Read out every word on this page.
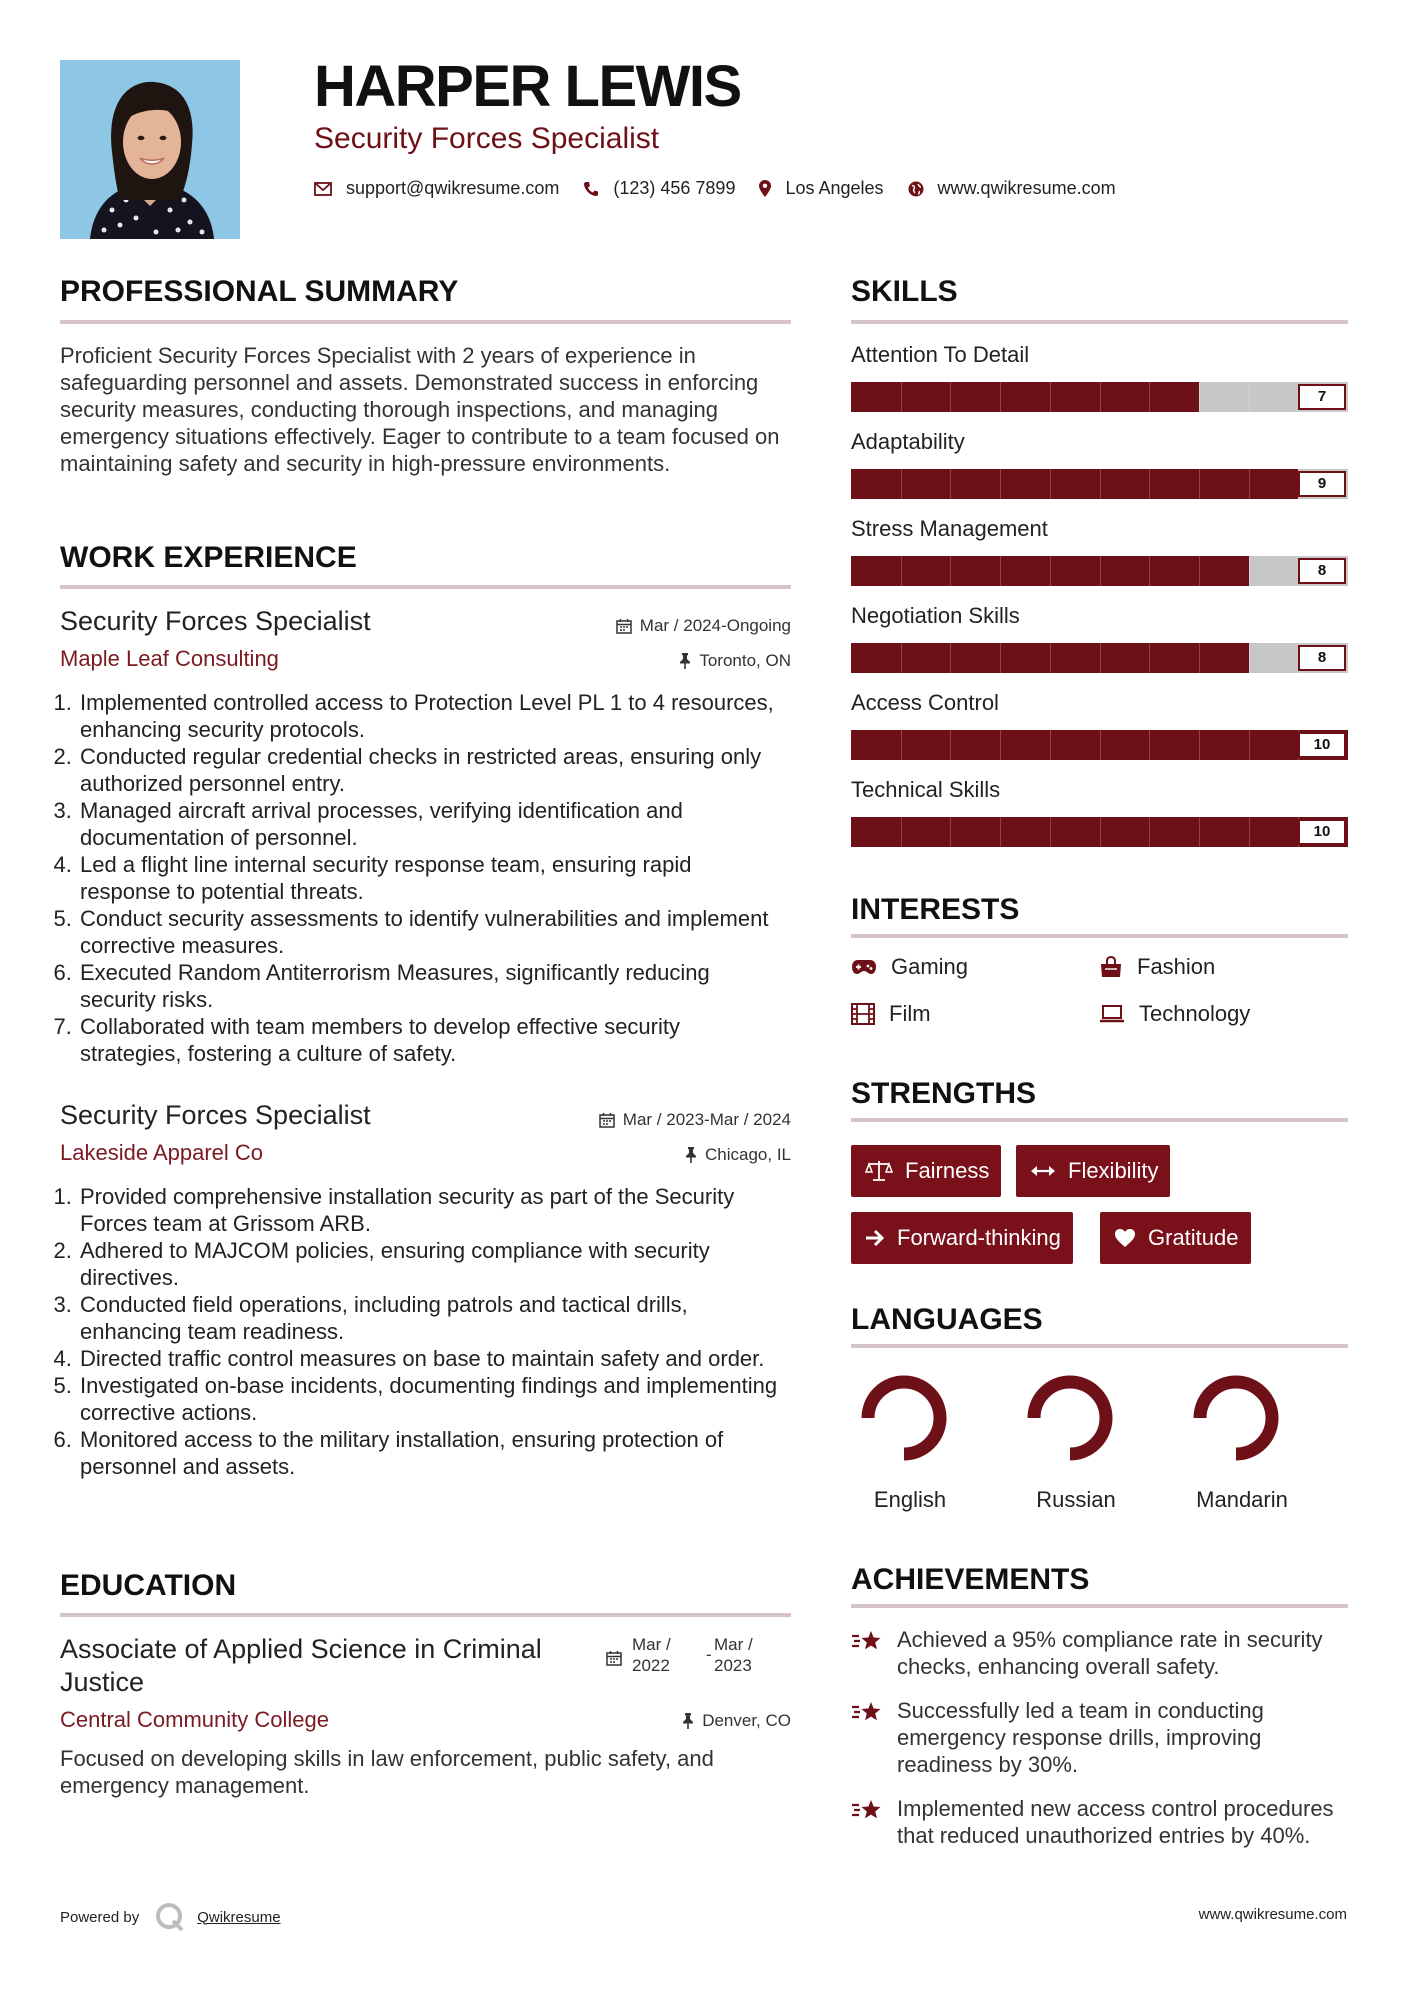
HARPER LEWIS
Security Forces Specialist
support@qwikresume.com	(123) 456 7899	Los Angeles	www.qwikresume.com
PROFESSIONAL SUMMARY
Proficient Security Forces Specialist with 2 years of experience in safeguarding personnel and assets. Demonstrated success in enforcing security measures, conducting thorough inspections, and managing emergency situations effectively. Eager to contribute to a team focused on maintaining safety and security in high-pressure environments.
WORK EXPERIENCE
Security Forces Specialist	Mar / 2024-Ongoing
Maple Leaf Consulting	Toronto, ON
1. Implemented controlled access to Protection Level PL 1 to 4 resources, enhancing security protocols.
2. Conducted regular credential checks in restricted areas, ensuring only authorized personnel entry.
3. Managed aircraft arrival processes, verifying identification and documentation of personnel.
4. Led a flight line internal security response team, ensuring rapid response to potential threats.
5. Conduct security assessments to identify vulnerabilities and implement corrective measures.
6. Executed Random Antiterrorism Measures, significantly reducing security risks.
7. Collaborated with team members to develop effective security strategies, fostering a culture of safety.
Security Forces Specialist	Mar / 2023-Mar / 2024
Lakeside Apparel Co	Chicago, IL
1. Provided comprehensive installation security as part of the Security Forces team at Grissom ARB.
2. Adhered to MAJCOM policies, ensuring compliance with security directives.
3. Conducted field operations, including patrols and tactical drills, enhancing team readiness.
4. Directed traffic control measures on base to maintain safety and order.
5. Investigated on-base incidents, documenting findings and implementing corrective actions.
6. Monitored access to the military installation, ensuring protection of personnel and assets.
EDUCATION
Associate of Applied Science in Criminal Justice
Mar /
2022
-
Mar /
2023
Central Community College	Denver, CO
Focused on developing skills in law enforcement, public safety, and emergency management.
SKILLS
Attention To Detail
7
Adaptability
9
Stress Management
8
Negotiation Skills
8
Access Control
10
Technical Skills
10
INTERESTS
Gaming	Fashion
Film	Technology
STRENGTHS
Fairness	Flexibility
Forward-thinking	Gratitude
LANGUAGES
English	Russian	Mandarin
ACHIEVEMENTS
Achieved a 95% compliance rate in security checks, enhancing overall safety.
Successfully led a team in conducting emergency response drills, improving readiness by 30%.
Implemented new access control procedures that reduced unauthorized entries by 40%.
Powered by	Qwikresume	www.qwikresume.com
